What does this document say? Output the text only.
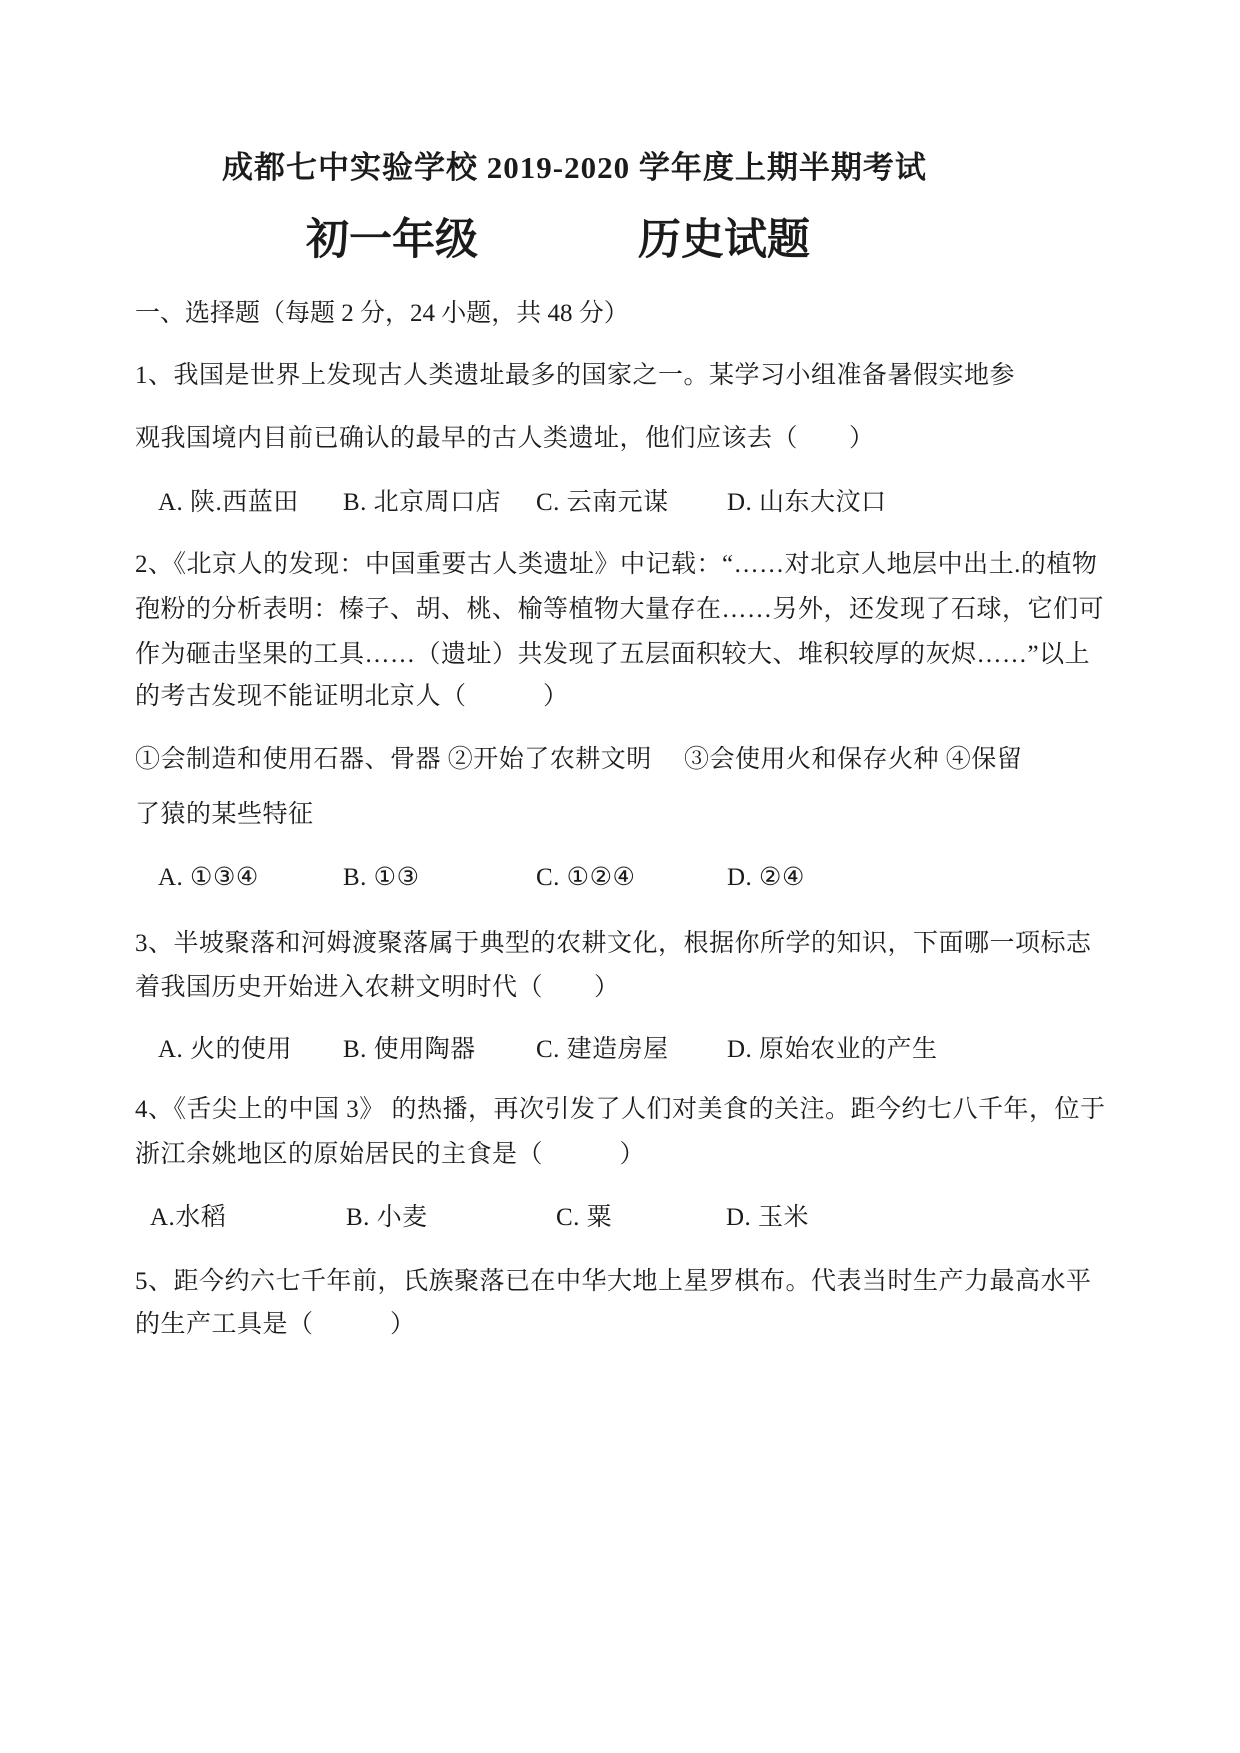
成都七中实验学校 2019-2020 学年度上期半期考试
初一年级	历史试题
一、选择题（每题 2 分，24 小题，共 48 分）
1、我国是世界上发现古人类遗址最多的国家之一。某学习小组准备暑假实地参
观我国境内目前已确认的最早的古人类遗址，他们应该去（　　）
A. 陕.西蓝田	B. 北京周口店	C. 云南元谋	D. 山东大汶口
2、《北京人的发现：中国重要古人类遗址》中记载：“……对北京人地层中出土.的植物
孢粉的分析表明：榛子、胡、桃、榆等植物大量存在……另外，还发现了石球，它们可
作为砸击坚果的工具……（遗址）共发现了五层面积较大、堆积较厚的灰烬……”以上
的考古发现不能证明北京人（　　　）
①会制造和使用石器、骨器 ②开始了农耕文明　 ③会使用火和保存火种 ④保留
了猿的某些特征
A. ①③④	B. ①③	C. ①②④	D. ②④
3、半坡聚落和河姆渡聚落属于典型的农耕文化，根据你所学的知识，下面哪一项标志
着我国历史开始进入农耕文明时代（　　）
A. 火的使用	B. 使用陶器	C. 建造房屋	D. 原始农业的产生
4、《舌尖上的中国 3》 的热播，再次引发了人们对美食的关注。距今约七八千年，位于
浙江余姚地区的原始居民的主食是（　　　）
A.水稻	B. 小麦	C. 粟	D. 玉米
5、距今约六七千年前，氏族聚落已在中华大地上星罗棋布。代表当时生产力最高水平
的生产工具是（　　　）
